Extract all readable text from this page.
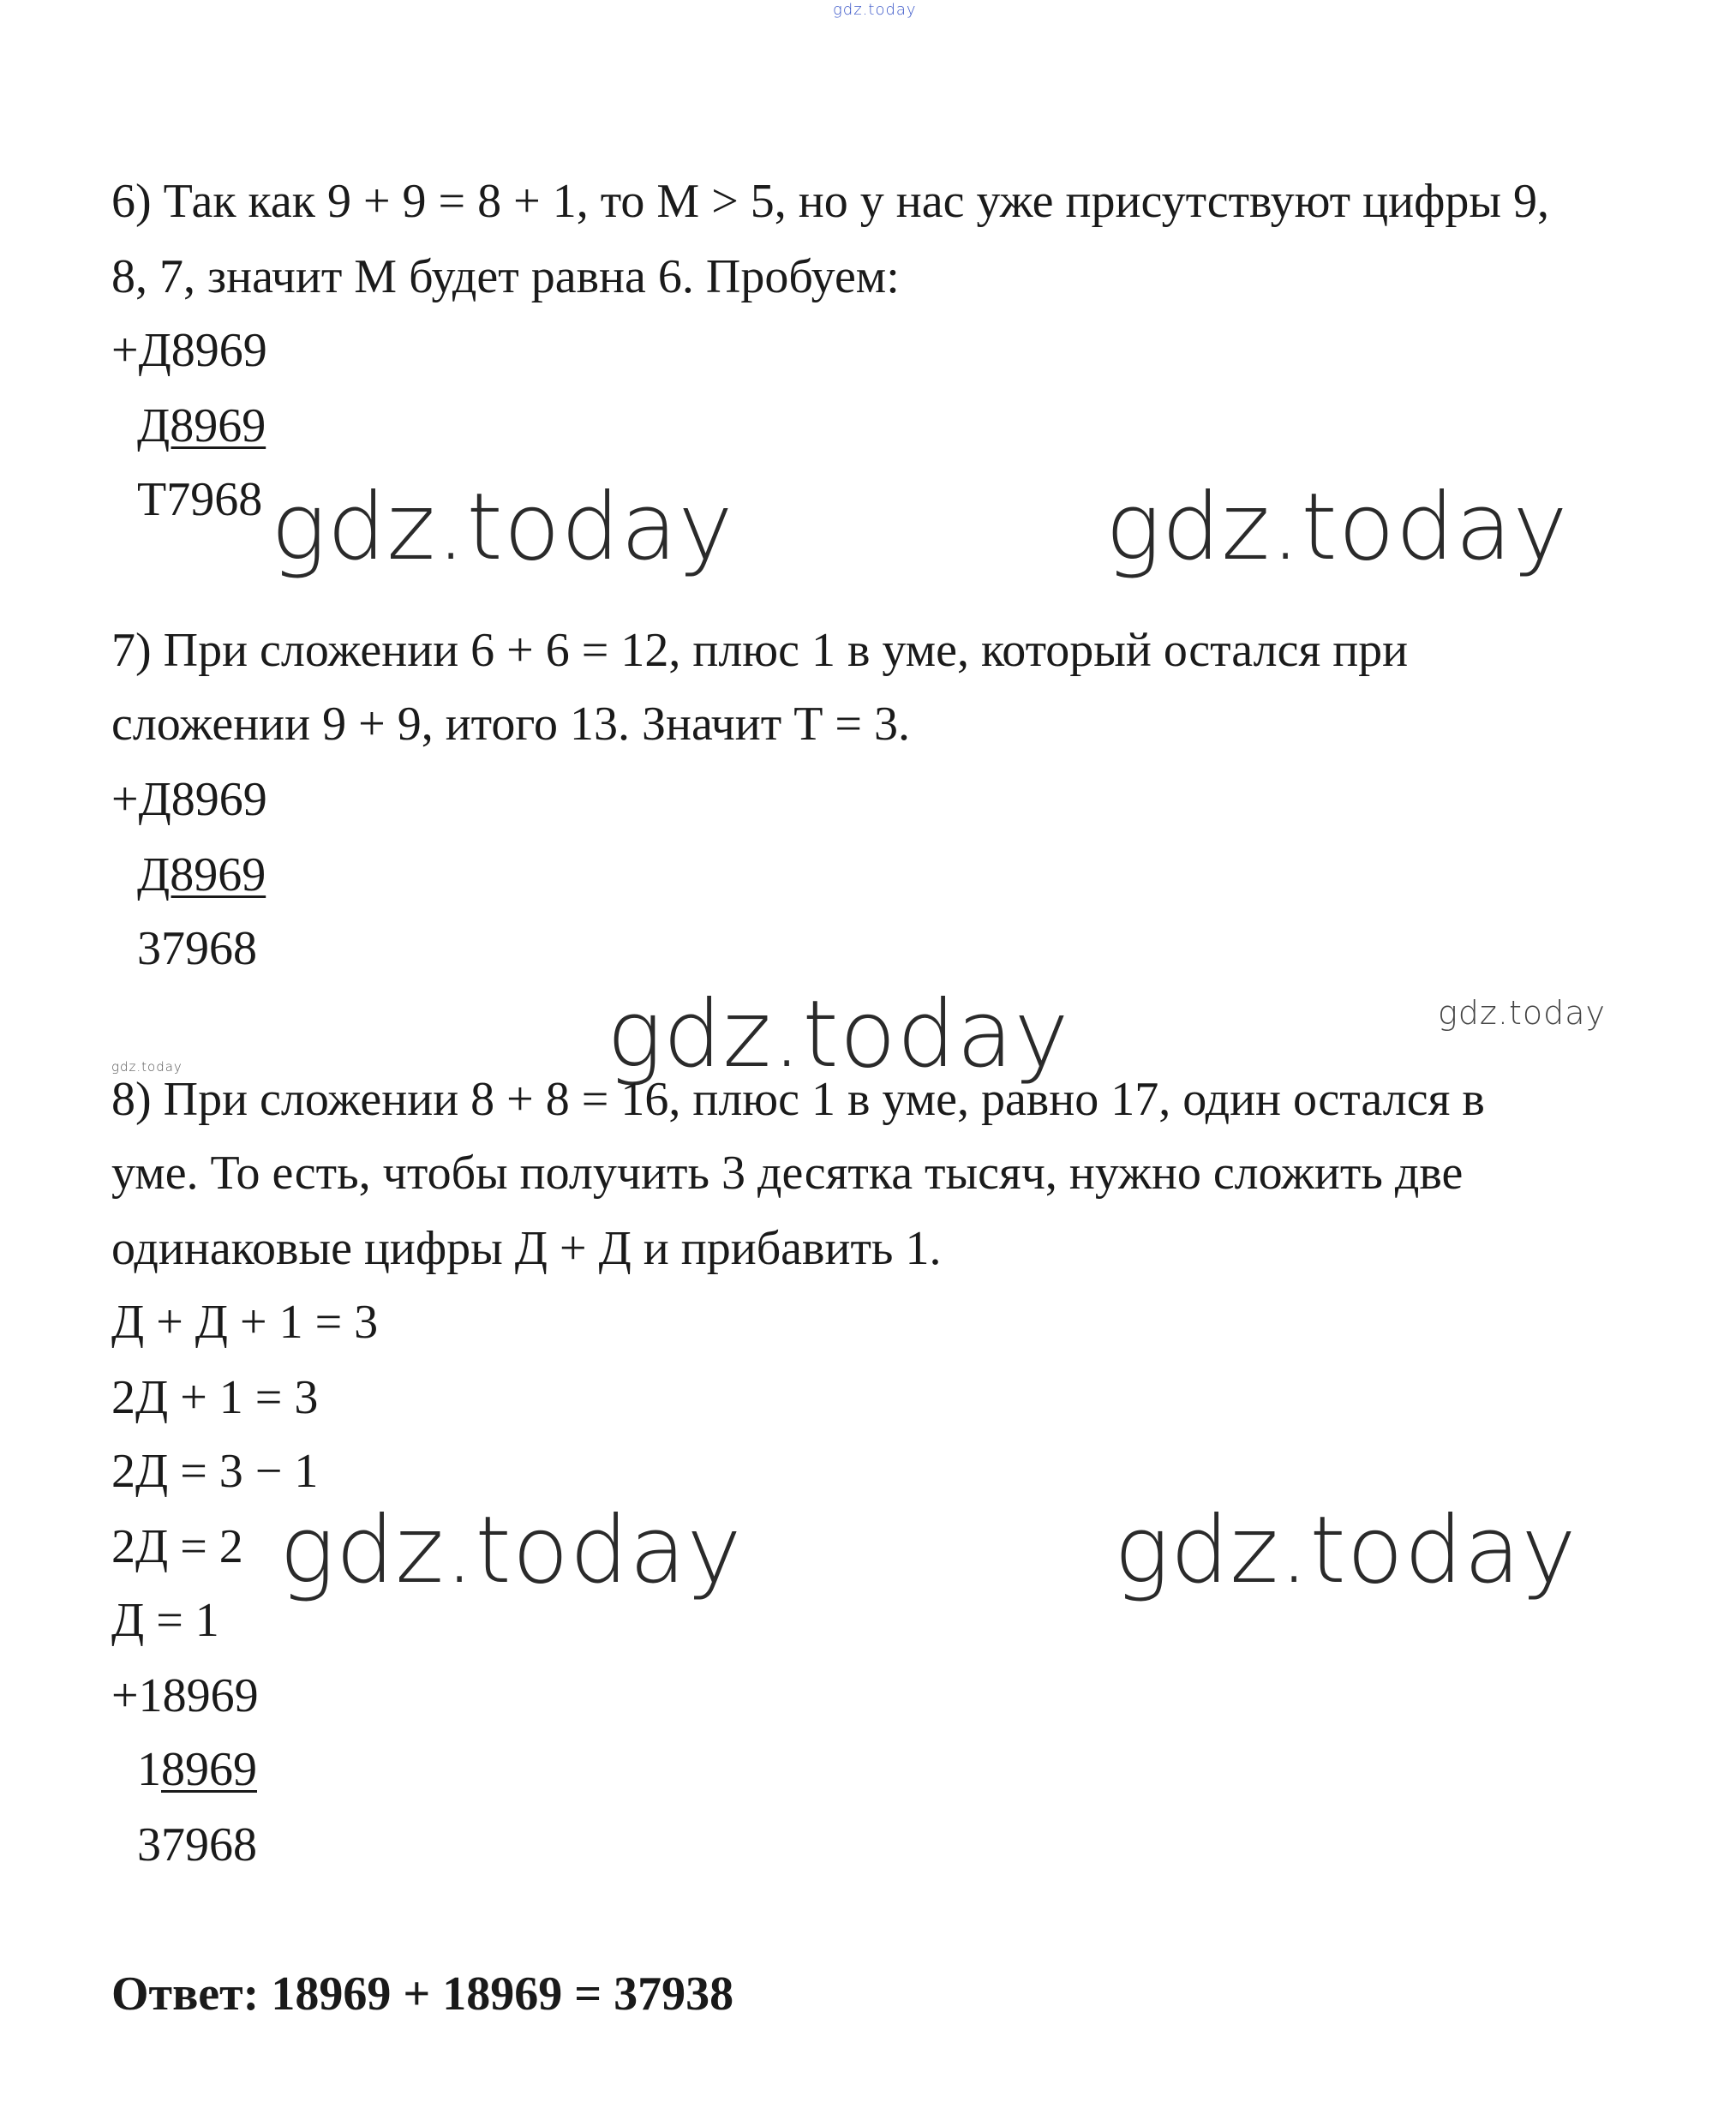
gdz.today
6) Так как 9 + 9 = 8 + 1, то М > 5, но у нас уже присутствуют цифры 9,
8, 7, значит М будет равна 6. Пробуем:
+Д8969
Д8969
Т7968 gdz.today	gdz.today
7) При сложении 6 + 6 = 12, плюс 1 в уме, который остался при
сложении 9 + 9, итого 13. Значит Т = 3.
+Д8969
Д8969
37968
gdz.today	gdz.today
gdz.today
8) При сложении 8 + 8 = 16, плюс 1 в уме, равно 17, один остался в
уме. То есть, чтобы получить 3 десятка тысяч, нужно сложить две
одинаковые цифры Д + Д и прибавить 1.
Д + Д + 1 = 3
2Д + 1 = 3
2Д = 3 − 1
2Д = 2 gdz.today	gdz.today
Д = 1
+18969
18969
37968
Ответ: 18969 + 18969 = 37938
